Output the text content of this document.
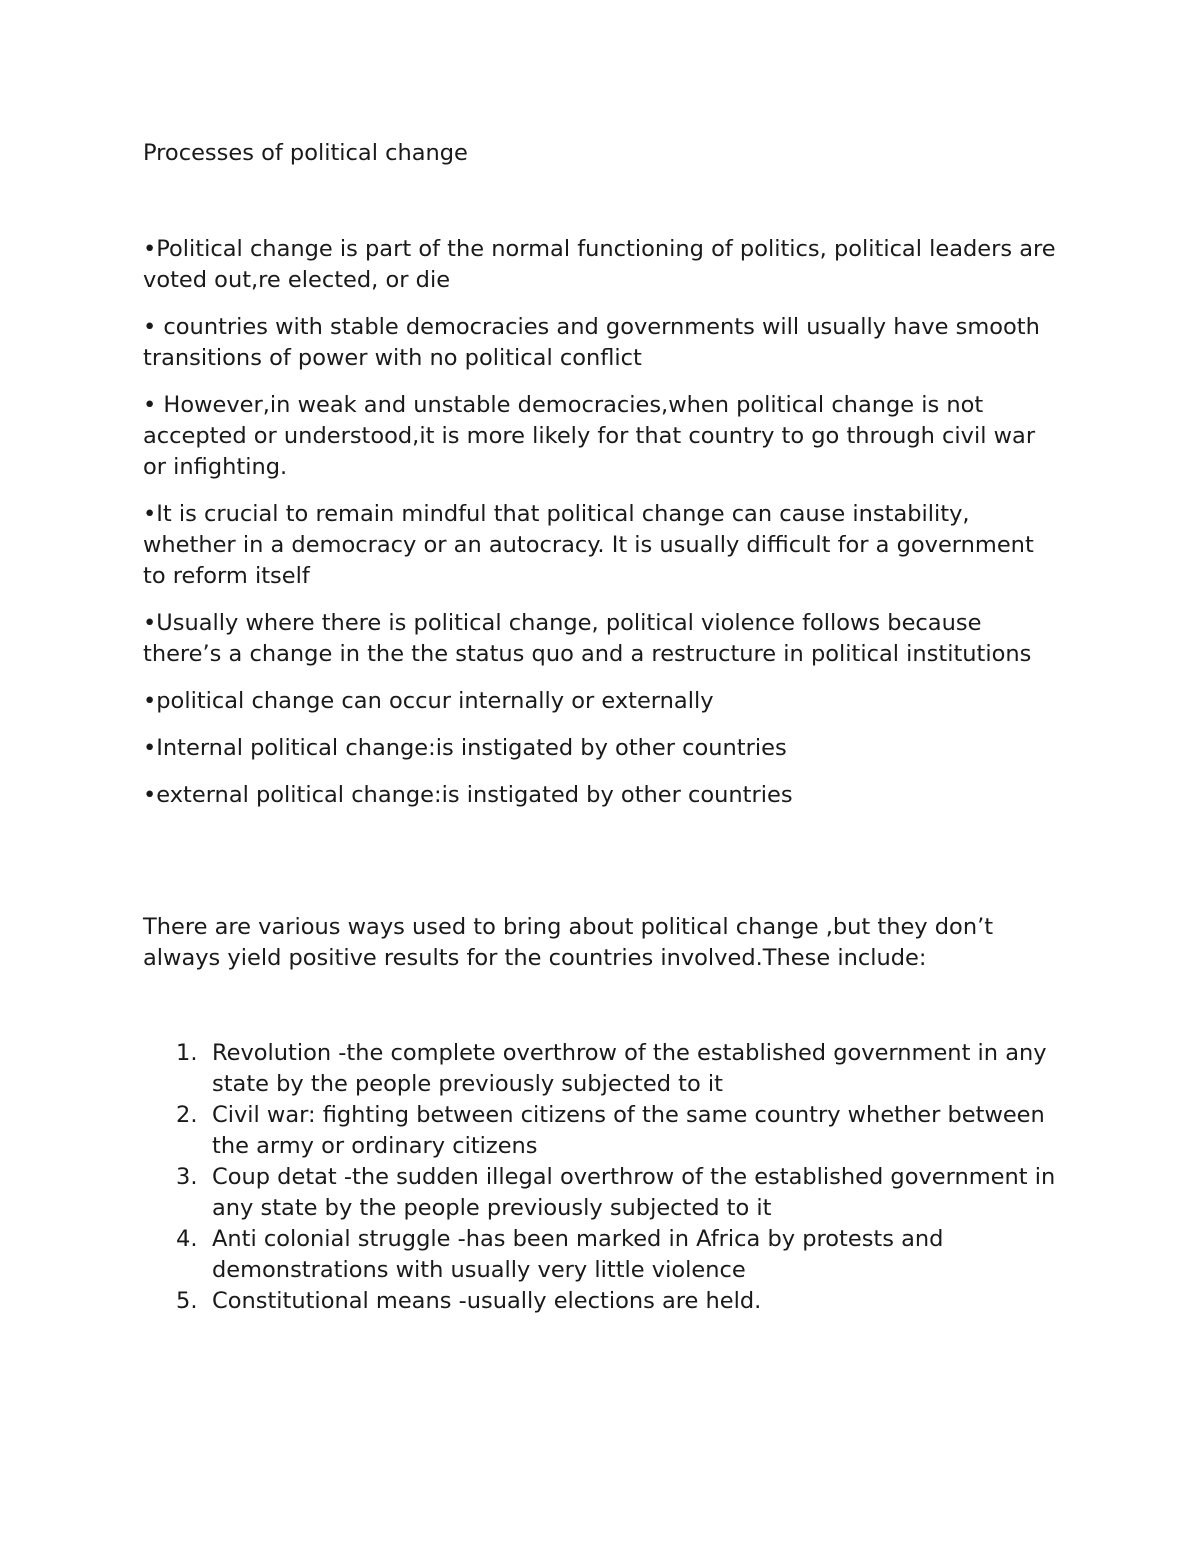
Processes of political change
•Political change is part of the normal functioning of politics, political leaders are voted out,re elected, or die
• countries with stable democracies and governments will usually have smooth transitions of power with no political conflict
• However,in weak and unstable democracies,when political change is not accepted or understood,it is more likely for that country to go through civil war or infighting.
•It is crucial to remain mindful that political change can cause instability, whether in a democracy or an autocracy. It is usually difficult for a government to reform itself
•Usually where there is political change, political violence follows because there’s a change in the the status quo and a restructure in political institutions
•political change can occur internally or externally
•Internal political change:is instigated by other countries
•external political change:is instigated by other countries

There are various ways used to bring about political change ,but they don’t always yield positive results for the countries involved.These include:

1. Revolution -the complete overthrow of the established government in any state by the people previously subjected to it
2. Civil war: fighting between citizens of the same country whether between the army or ordinary citizens
3. Coup detat -the sudden illegal overthrow of the established government in any state by the people previously subjected to it
4. Anti colonial struggle -has been marked in Africa by protests and demonstrations with usually very little violence
5. Constitutional means -usually elections are held.
